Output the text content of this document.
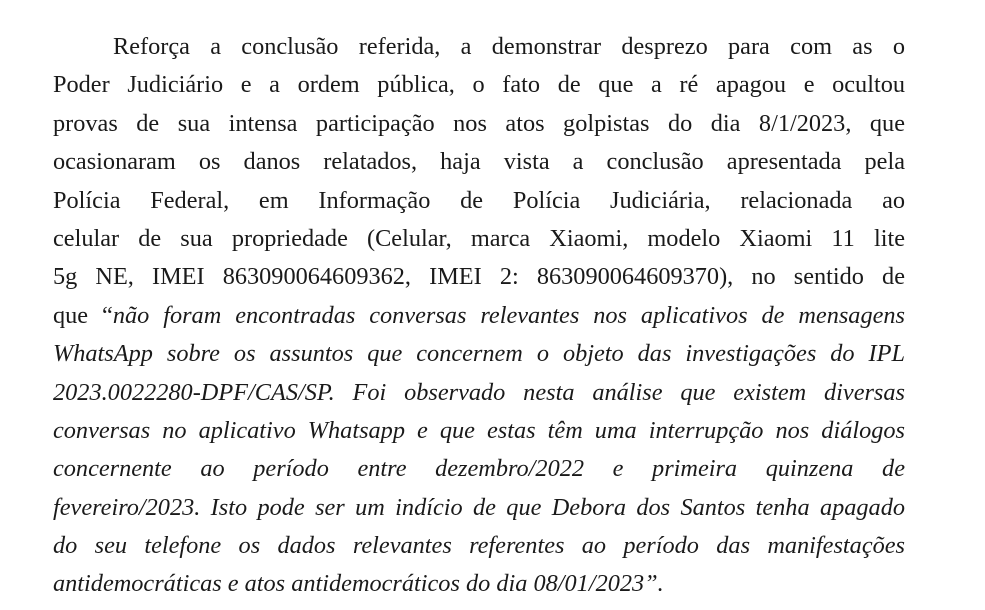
Reforça a conclusão referida, a demonstrar desprezo para com as o
Poder Judiciário e a ordem pública, o fato de que a ré apagou e ocultou
provas de sua intensa participação nos atos golpistas do dia 8/1/2023, que
ocasionaram os danos relatados, haja vista a conclusão apresentada pela
Polícia Federal, em Informação de Polícia Judiciária, relacionada ao
celular de sua propriedade (Celular, marca Xiaomi, modelo Xiaomi 11 lite
5g NE, IMEI 863090064609362, IMEI 2: 863090064609370), no sentido de
que “não foram encontradas conversas relevantes nos aplicativos de mensagens
WhatsApp sobre os assuntos que concernem o objeto das investigações do IPL
2023.0022280-DPF/CAS/SP. Foi observado nesta análise que existem diversas
conversas no aplicativo Whatsapp e que estas têm uma interrupção nos diálogos
concernente ao período entre dezembro/2022 e primeira quinzena de
fevereiro/2023. Isto pode ser um indício de que Debora dos Santos tenha apagado
do seu telefone os dados relevantes referentes ao período das manifestações
antidemocráticas e atos antidemocráticos do dia 08/01/2023”.
